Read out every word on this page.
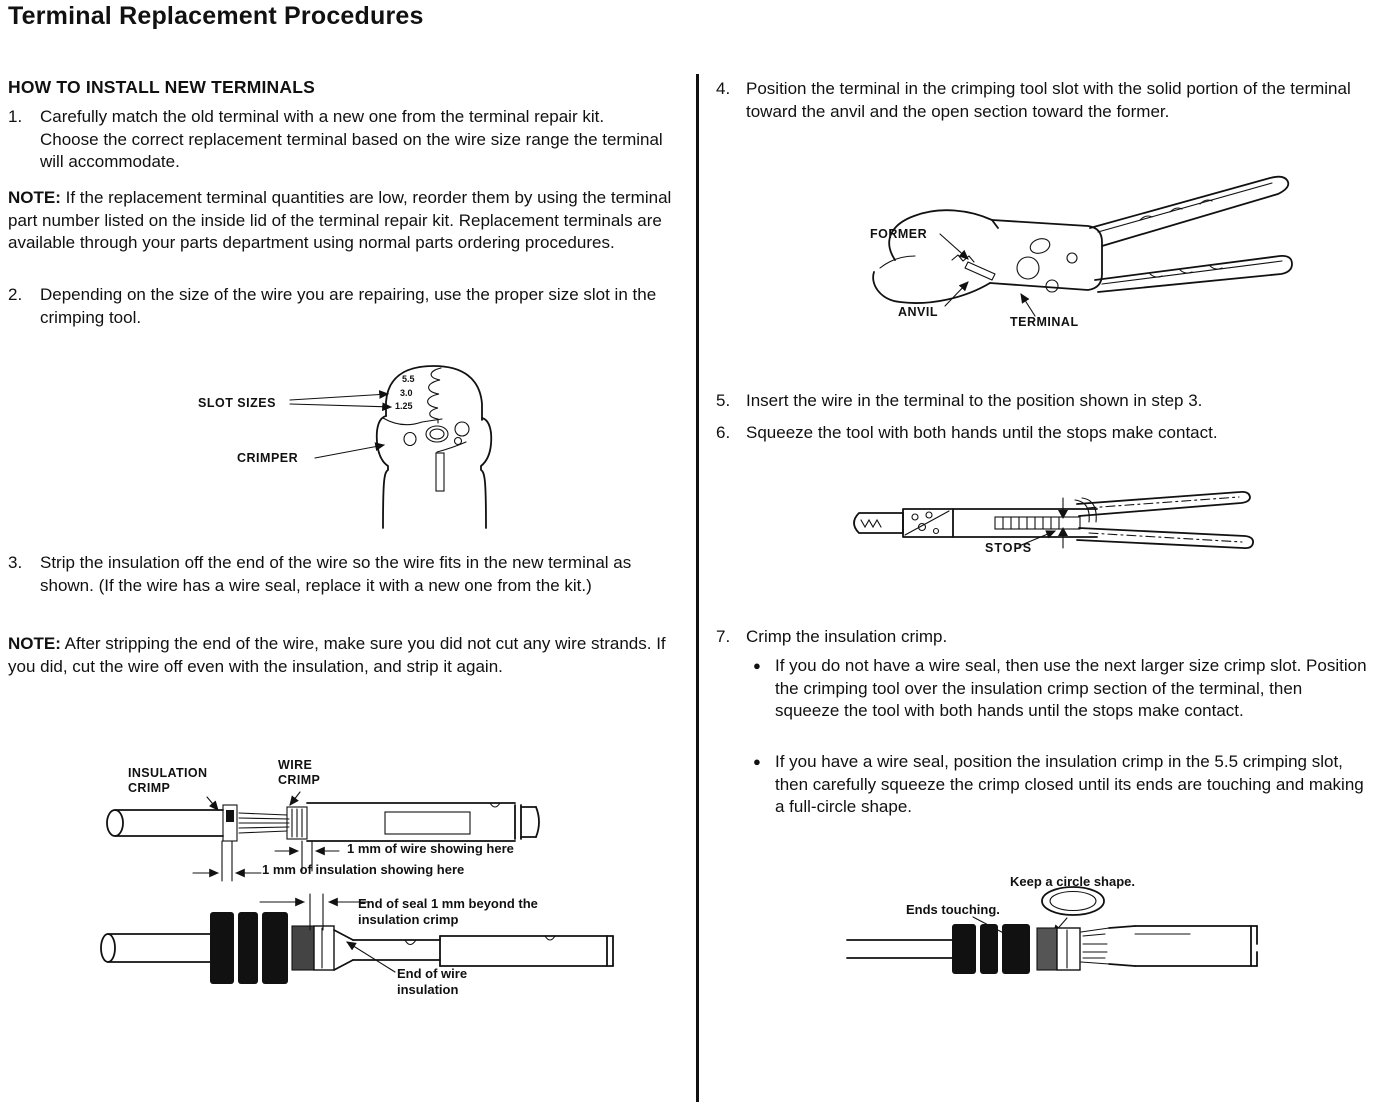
Terminal Replacement Procedures
HOW TO INSTALL NEW TERMINALS
1.	Carefully match the old terminal with a new one from the terminal repair kit. Choose the correct replacement terminal based on the wire size range the terminal will accommodate.
NOTE: If the replacement terminal quantities are low, reorder them by using the terminal part number listed on the inside lid of the terminal repair kit. Replacement terminals are available through your parts department using normal parts ordering procedures.
2.	Depending on the size of the wire you are repairing, use the proper size slot in the crimping tool.
5.5
3.0
1.25
SLOT SIZES
CRIMPER
3.	Strip the insulation off the end of the wire so the wire fits in the new terminal as shown. (If the wire has a wire seal, replace it with a new one from the kit.)
NOTE: After stripping the end of the wire, make sure you did not cut any wire strands. If you did, cut the wire off even with the insulation, and strip it again.
INSULATION CRIMP
WIRE CRIMP
1 mm of wire showing here
1 mm of insulation showing here
End of seal 1 mm beyond the insulation crimp
End of wire insulation
4. Position the terminal in the crimping tool slot with the solid portion of the terminal toward the anvil and the open section toward the former.
FORMER
ANVIL
TERMINAL
5. Insert the wire in the terminal to the position shown in step 3.
6. Squeeze the tool with both hands until the stops make contact.
STOPS
7. Crimp the insulation crimp.
● If you do not have a wire seal, then use the next larger size crimp slot. Position the crimping tool over the insulation crimp section of the terminal, then squeeze the tool with both hands until the stops make contact.
● If you have a wire seal, position the insulation crimp in the 5.5 crimping slot, then carefully squeeze the crimp closed until its ends are touching and making a full-circle shape.
Keep a circle shape.
Ends touching.
